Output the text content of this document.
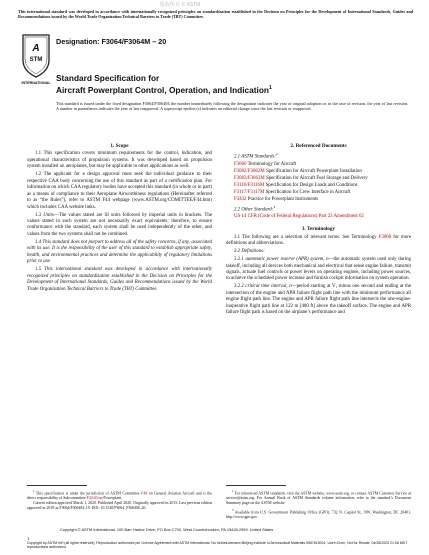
版权所有 © ASTM
This international standard was developed in accordance with internationally recognized principles on standardization established in the Decision on Principles for the Development of International Standards, Guides and Recommendations issued by the World Trade Organization Technical Barriers to Trade (TBT) Committee.
A
STM
INTERNATIONAL
Designation: F3064/F3064M – 20
Standard Specification for
Aircraft Powerplant Control, Operation, and Indication$^1$
This standard is issued under the fixed designation F3064/F3064M; the number immediately following the designation indicates the year of original adoption or, in the case of revision, the year of last revision. A number in parentheses indicates the year of last reapproval. A superscript epsilon (ε) indicates an editorial change since the last revision or reapproval.
1. Scope
1.1 This specification covers minimum requirements for the control, indication, and operational characteristics of propulsion systems. It was developed based on propulsion system installed on aeroplanes, but may be applicable to other applications as well.
1.2 The applicant for a design approval must seek the individual guidance to their respective CAA body concerning the use of this standard as part of a certification plan. For information on which CAA regulatory bodies have accepted this standard (in whole or in part) as a means of compliance to their Aeroplane Airworthiness regulations (Hereinafter referred to as “the Rules”), refer to ASTM F44 webpage (www.ASTM.org/COMITTEE/F44.htm) which includes CAA website links.
1.3 Units—The values stated are SI units followed by imperial units in brackets. The values stated in each system are not necessarily exact equivalents; therefore, to ensure conformance with the standard, each system shall be used independently of the other, and values from the two systems shall not be combined.
1.4 This standard does not purport to address all of the safety concerns, if any, associated with its use. It is the responsibility of the user of this standard to establish appropriate safety, health, and environmental practices and determine the applicability of regulatory limitations prior to use.
1.5 This international standard was developed in accordance with internationally recognized principles on standardization established in the Decision on Principles for the Development of International Standards, Guides and Recommendations issued by the World Trade Organization Technical Barriers to Trade (TBT) Committee.
2. Referenced Documents
2.1 ASTM Standards:$^2$
F3060 Terminology for Aircraft
F3062/F3062M Specification for Aircraft Powerplant Installation
F3063/F3063M Specification for Aircraft Fuel Storage and Delivery
F3116/F3116M Specification for Design Loads and Conditions
F3117/F3117M Specification for Crew Interface in Aircraft
F3432 Practice for Powerplant Instruments
2.2 Other Standard:$^3$
US 14 CFR (Code of Federal Regulations) Part 23 Amendment 62
3. Terminology
3.1 The following are a selection of relevant terms. See Terminology F3060 for more definitions and abbreviations.
3.2 Definitions:
3.2.1 automatic power reserve (APR) system, n—the automatic system used only during takeoff, including all devices both mechanical and electrical that sense engine failure, transmit signals, actuate fuel controls or power levers on operating engines, including power sources, to achieve the scheduled power increase and furnish cockpit information on system operation.
3.2.2 critical time interval, n—period starting at V₁ minus one second and ending at the intersection of the engine and APR failure flight path line with the minimum performance all engine flight path line. The engine and APR failure flight path line intersects the one-engine-inoperative flight path line at 122 m [400 ft] above the takeoff surface. The engine and APR failure flight path is based on the airplane’s performance and
$^1$ This specification is under the jurisdiction of ASTM Committee F44 on General Aviation Aircraft and is the direct responsibility of Subcommittee F44.40 on Powerplant.
Current edition approved March 1, 2020. Published April 2020. Originally approved in 2015. Last previous edition approved in 2019 as F3064/F3064M–19. DOI: 10.1520/F3064_F3064M–20.
$^2$ For referenced ASTM standards, visit the ASTM website, www.astm.org, or contact ASTM Customer Service at service@astm.org. For Annual Book of ASTM Standards volume information, refer to the standard’s Document Summary page on the ASTM website.
$^3$ Available from U.S. Government Publishing Office (GPO), 732 N. Capitol St., NW, Washington, DC 20401, http://www.gpo.gov.
Copyright © ASTM International, 100 Barr Harbor Drive, PO Box C700, West Conshohocken, PA 19428-2959. United States
1
Copyright by ASTM Int'l (all rights reserved); Reproduction authorized per License Agreement with ASTM International. No further reproductions authorized.
Licensee=Beijing Institute of Aeronautical Materials 5967615001, User=Chen, Not for Resale, 04/28/2020 21:08 MDT
